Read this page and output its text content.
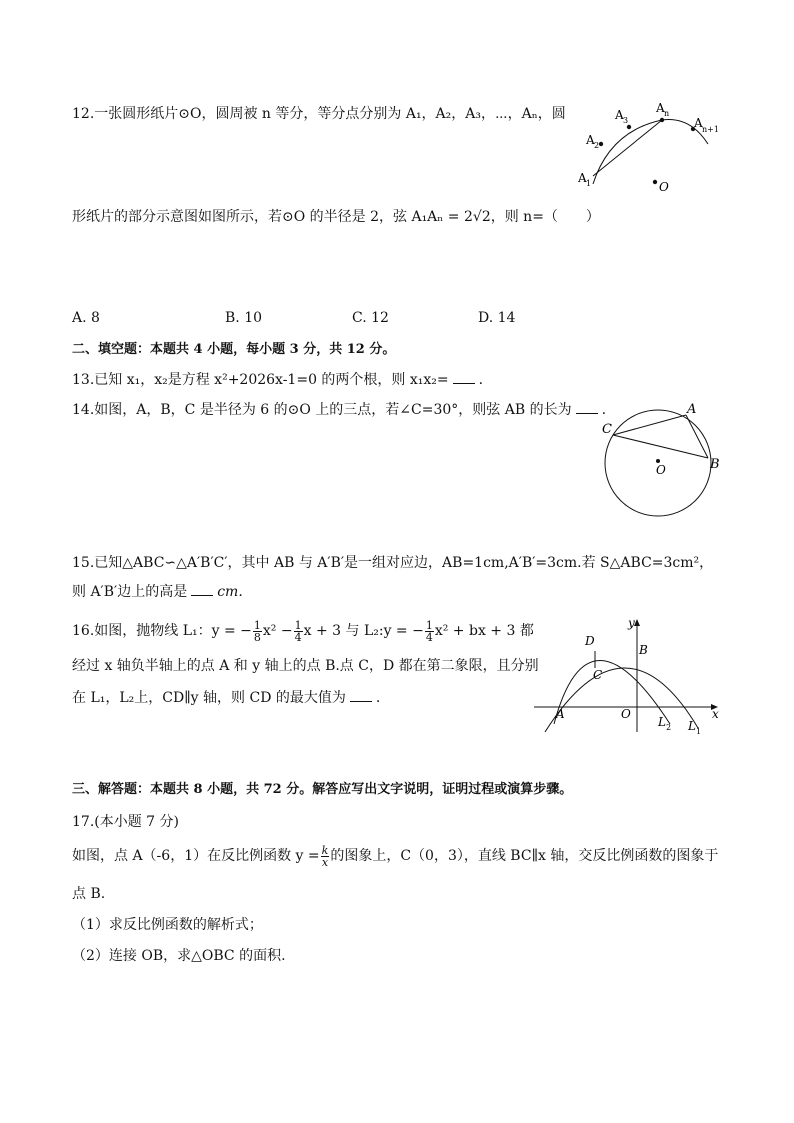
12.一张圆形纸片⊙O，圆周被 n 等分，等分点分别为 A₁，A₂，A₃，⋯，Aₙ，圆
形纸片的部分示意图如图所示，若⊙O 的半径是 2，弦 A₁Aₙ = 2√2，则 n=（　　）
A 1
A 2
A 3
A n
A n+1
O
A. 8	B. 10	C. 12	D. 14
二、填空题：本题共 4 小题，每小题 3 分，共 12 分。
13.已知 x₁，x₂是方程 x²+2026x-1=0 的两个根，则 x₁x₂= .
14.如图，A，B，C 是半径为 6 的⊙O 上的三点，若∠C=30°，则弦 AB 的长为 .	A
B
C
O
15.已知△ABC∽△A′B′C′，其中 AB 与 A′B′是一组对应边，AB=1cm,A′B′=3cm.若 S△ABC=3cm²，
则 A′B′边上的高是 cm.
16.如图，抛物线 L₁：y = − $\frac{1}{8} x^2 - \frac{1}{4}$ x + 3 与 L₂:y = − $\frac{1}{4} x^2$ + bx + 3 都
经过 x 轴负半轴上的点 A 和 y 轴上的点 B.点 C，D 都在第二象限，且分别
在 L₁，L₂上，CD∥y 轴，则 CD 的最大值为 .
y
x
D
C
B
A	O
L 2 L 1
三、解答题：本题共 8 小题，共 72 分。解答应写出文字说明，证明过程或演算步骤。
17.(本小题 7 分)
如图，点 A（-6，1）在反比例函数 $y = \frac{k}{x}$ 的图象上，C（0，3），直线 BC∥x 轴，交反比例函数的图象于
点 B.
（1）求反比例函数的解析式；
（2）连接 OB，求△OBC 的面积.
